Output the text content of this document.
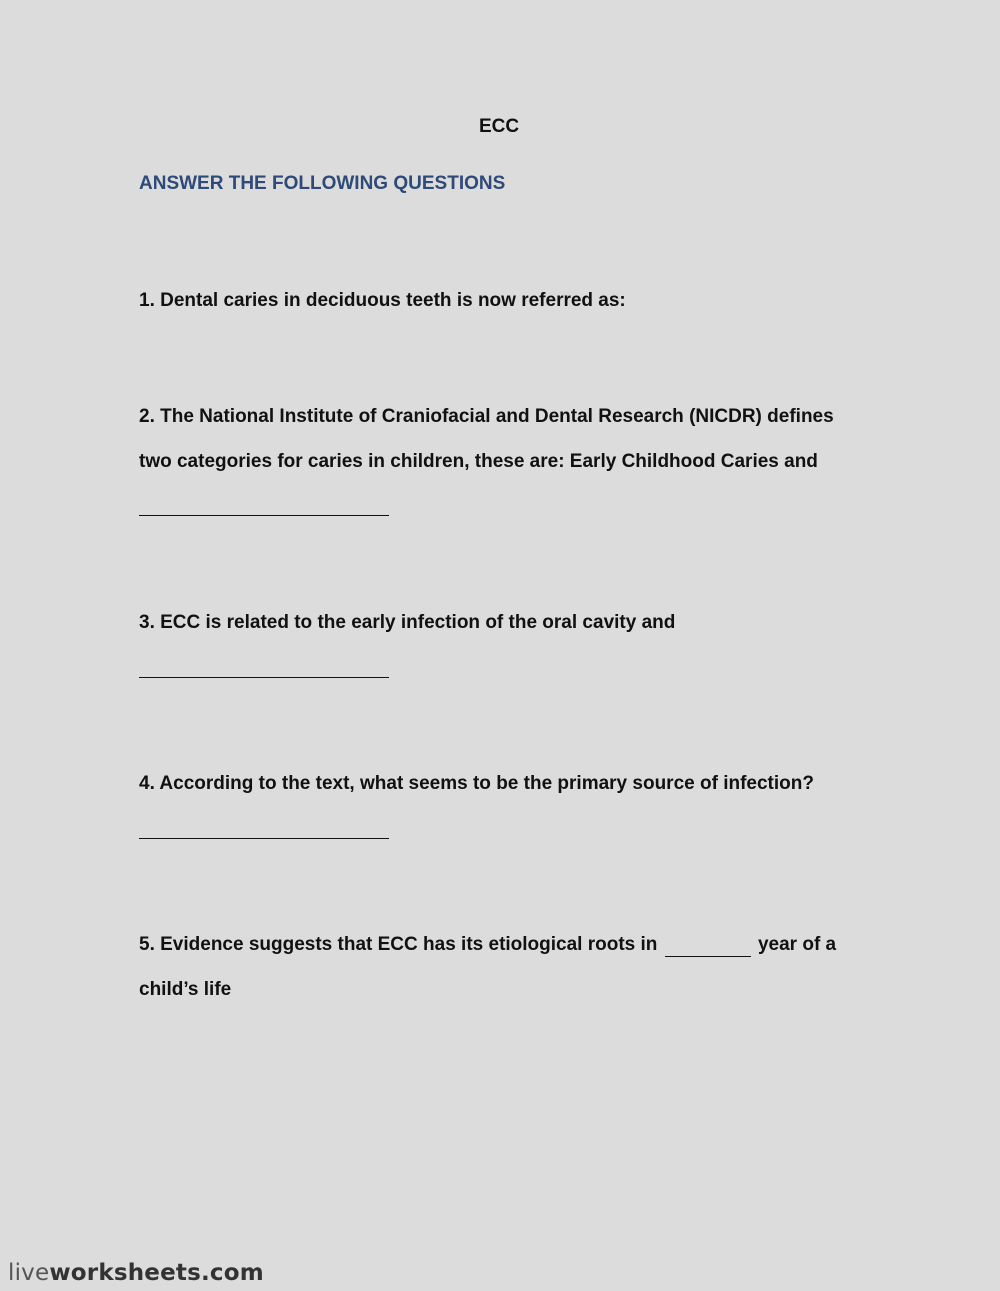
ECC
ANSWER THE FOLLOWING QUESTIONS
1. Dental caries in deciduous teeth is now referred as:
2. The National Institute of Craniofacial and Dental Research (NICDR) defines
two categories for caries in children, these are: Early Childhood Caries and
3. ECC is related to the early infection of the oral cavity and
4. According to the text, what seems to be the primary source of infection?
5. Evidence suggests that ECC has its etiological roots in	year of a
child’s life
liveworksheets.com
